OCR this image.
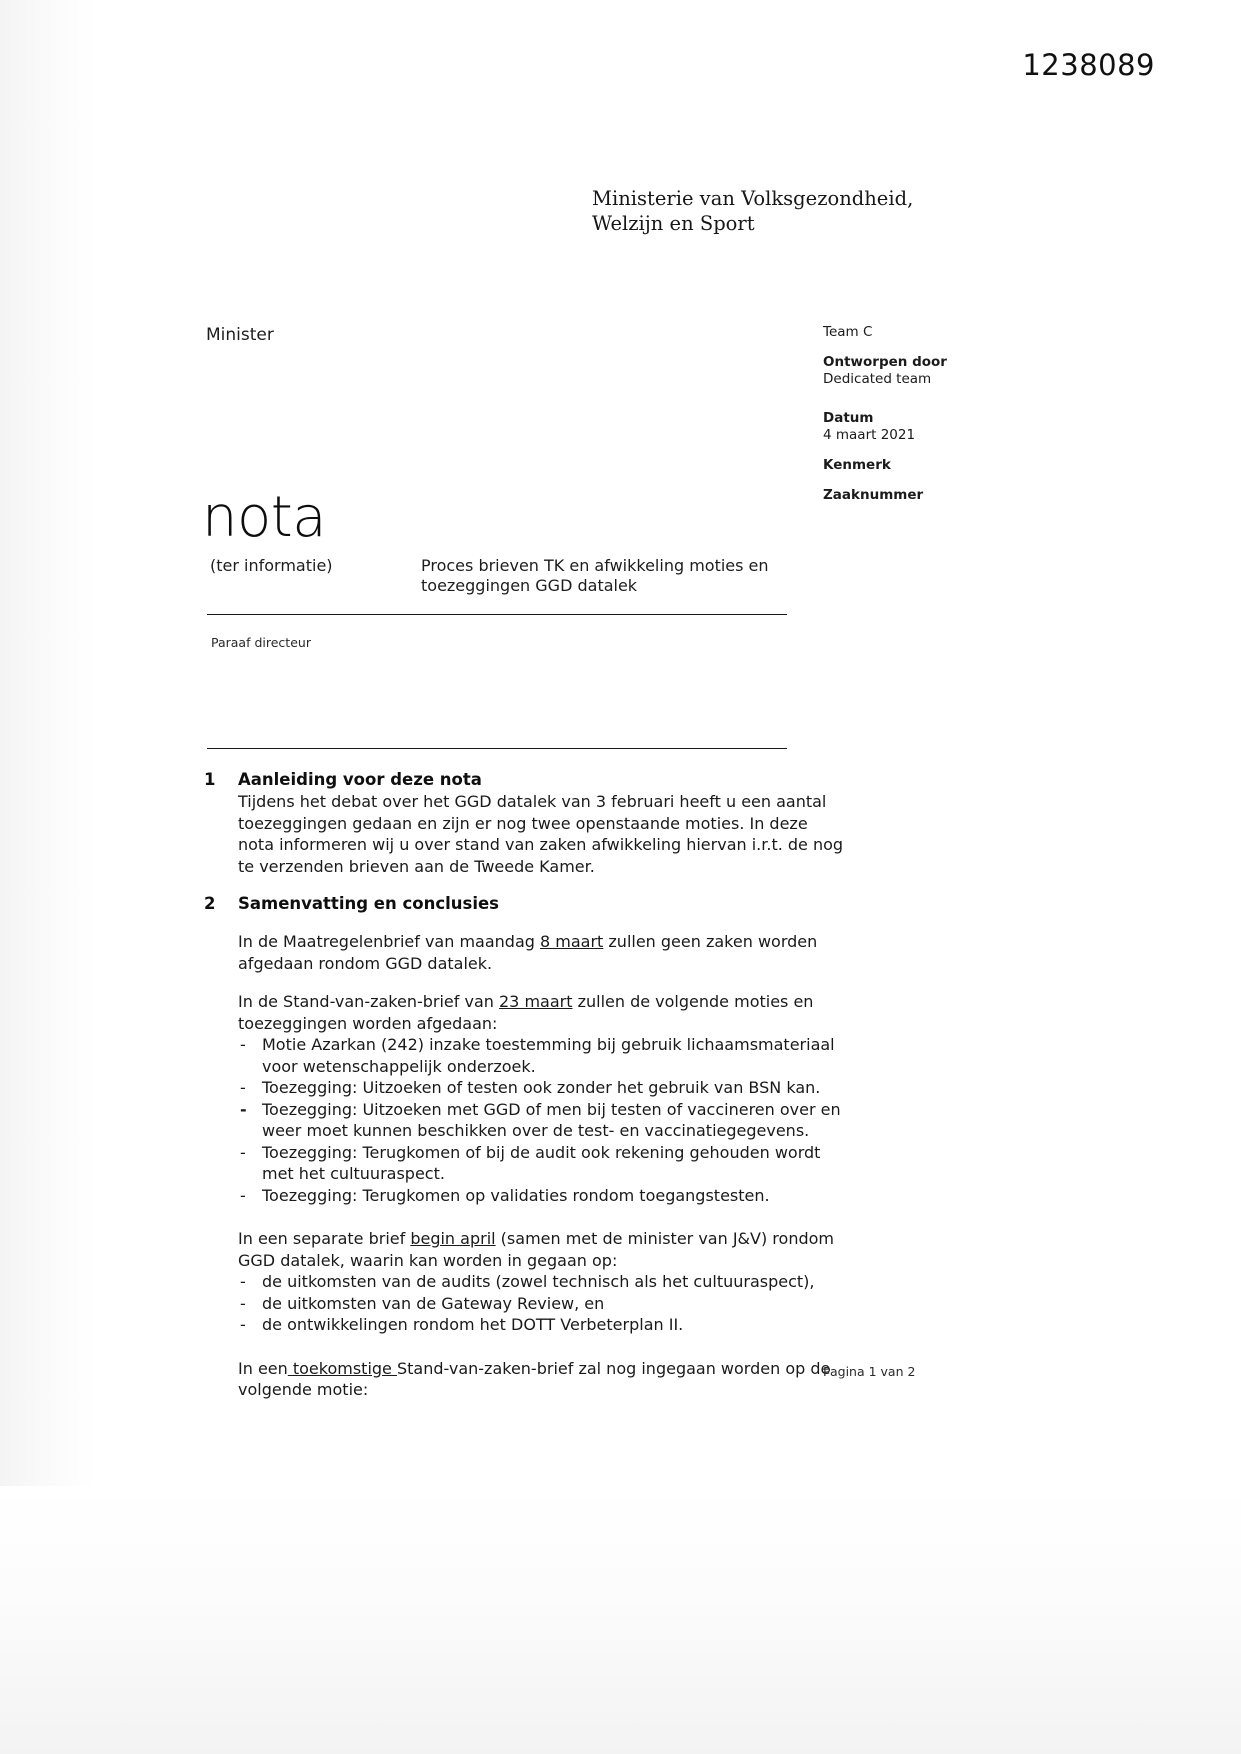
1238089
Ministerie van Volksgezondheid,
Welzijn en Sport
Minister	Team C
Ontworpen door
Dedicated team
Datum
4 maart 2021
Kenmerk
Zaaknummer
nota
(ter informatie)	Proces brieven TK en afwikkeling moties en toezeggingen GGD datalek
Paraaf directeur
1	Aanleiding voor deze nota

Tijdens het debat over het GGD datalek van 3 februari heeft u een aantal toezeggingen gedaan en zijn er nog twee openstaande moties. In deze nota informeren wij u over stand van zaken afwikkeling hiervan i.r.t. de nog te verzenden brieven aan de Tweede Kamer.

2	Samenvatting en conclusies

In de Maatregelenbrief van maandag 8 maart zullen geen zaken worden afgedaan rondom GGD datalek.

In de Stand-van-zaken-brief van 23 maart zullen de volgende moties en toezeggingen worden afgedaan:

- Motie Azarkan (242) inzake toestemming bij gebruik lichaamsmateriaal voor wetenschappelijk onderzoek.
- Toezegging: Uitzoeken of testen ook zonder het gebruik van BSN kan.
- Toezegging: Uitzoeken met GGD of men bij testen of vaccineren over en weer moet kunnen beschikken over de test- en vaccinatiegegevens.
- Toezegging: Terugkomen of bij de audit ook rekening gehouden wordt met het cultuuraspect.
- Toezegging: Terugkomen op validaties rondom toegangstesten.

In een separate brief begin april (samen met de minister van J&V) rondom GGD datalek, waarin kan worden in gegaan op:

- de uitkomsten van de audits (zowel technisch als het cultuuraspect),
- de uitkomsten van de Gateway Review, en
- de ontwikkelingen rondom het DOTT Verbeterplan II.

In een toekomstige Stand-van-zaken-brief zal nog ingegaan worden op de volgende motie:

Pagina 1 van 2
